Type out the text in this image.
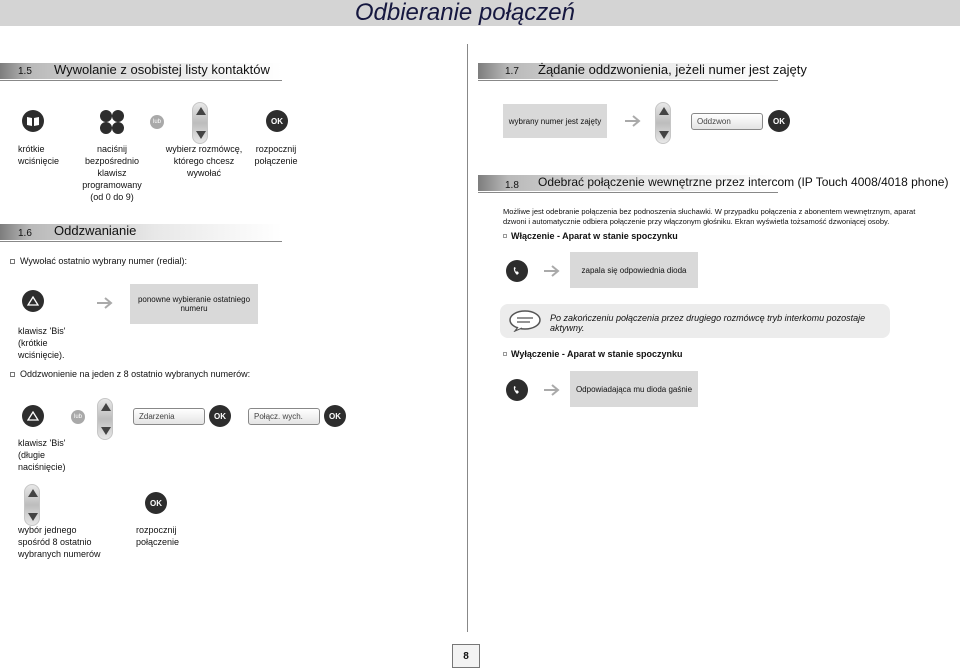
Odbieranie połączeń
1.5 Wywolanie z osobistej listy kontaktów
lub	OK
krótkie wciśnięcie
naciśnij bezpośrednio klawisz programowany (od 0 do 9)
wybierz rozmówcę, którego chcesz wywołać
rozpocznij połączenie
1.6 Oddzwanianie
Wywołać ostatnio wybrany numer (redial):
ponowne wybieranie ostatniego numeru
klawisz 'Bis' (krótkie wciśnięcie).
Oddzwonienie na jeden z 8 ostatnio wybranych numerów:
lub	Zdarzenia	OK	Połącz. wych.	OK
klawisz 'Bis' (długie naciśnięcie)
OK
wybór jednego spośród 8 ostatnio wybranych numerów
rozpocznij połączenie
1.7 Żądanie oddzwonienia, jeżeli numer jest zajęty
wybrany numer jest zajęty	Oddzwon	OK
1.8 Odebrać połączenie wewnętrzne przez intercom (IP Touch 4008/4018 phone)
Możliwe jest odebranie połączenia bez podnoszenia słuchawki. W przypadku połączenia z abonentem wewnętrznym, aparat dzwoni i automatycznie odbiera połączenie przy włączonym głośniku. Ekran wyświetla tożsamość dzwoniącej osoby.
Włączenie - Aparat w stanie spoczynku
zapala się odpowiednia dioda
Po zakończeniu połączenia przez drugiego rozmówcę tryb interkomu pozostaje aktywny.
Wyłączenie - Aparat w stanie spoczynku
Odpowiadająca mu dioda gaśnie
8
